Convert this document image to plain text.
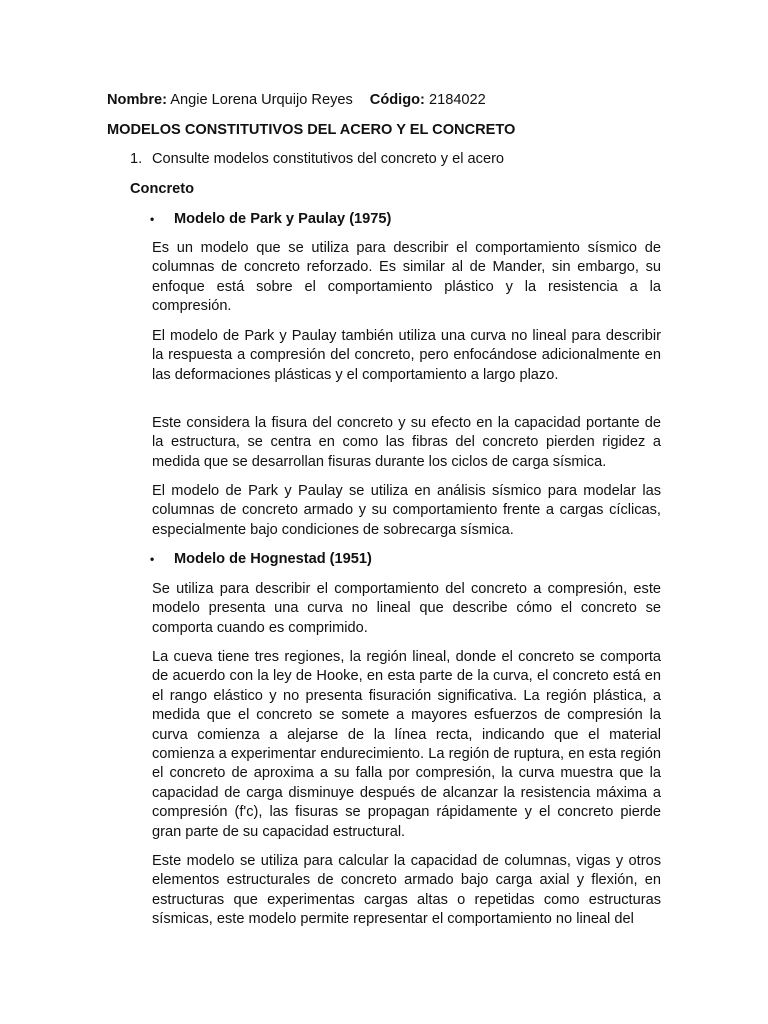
Nombre: Angie Lorena Urquijo Reyes Código: 2184022
MODELOS CONSTITUTIVOS DEL ACERO Y EL CONCRETO
1. Consulte modelos constitutivos del concreto y el acero
Concreto
• Modelo de Park y Paulay (1975)

Es un modelo que se utiliza para describir el comportamiento sísmico de columnas de concreto reforzado. Es similar al de Mander, sin embargo, su enfoque está sobre el comportamiento plástico y la resistencia a la compresión.

El modelo de Park y Paulay también utiliza una curva no lineal para describir la respuesta a compresión del concreto, pero enfocándose adicionalmente en las deformaciones plásticas y el comportamiento a largo plazo.

Este considera la fisura del concreto y su efecto en la capacidad portante de la estructura, se centra en como las fibras del concreto pierden rigidez a medida que se desarrollan fisuras durante los ciclos de carga sísmica.

El modelo de Park y Paulay se utiliza en análisis sísmico para modelar las columnas de concreto armado y su comportamiento frente a cargas cíclicas, especialmente bajo condiciones de sobrecarga sísmica.

• Modelo de Hognestad (1951)

Se utiliza para describir el comportamiento del concreto a compresión, este modelo presenta una curva no lineal que describe cómo el concreto se comporta cuando es comprimido.

La cueva tiene tres regiones, la región lineal, donde el concreto se comporta de acuerdo con la ley de Hooke, en esta parte de la curva, el concreto está en el rango elástico y no presenta fisuración significativa. La región plástica, a medida que el concreto se somete a mayores esfuerzos de compresión la curva comienza a alejarse de la línea recta, indicando que el material comienza a experimentar endurecimiento. La región de ruptura, en esta región el concreto de aproxima a su falla por compresión, la curva muestra que la capacidad de carga disminuye después de alcanzar la resistencia máxima a compresión (f'c), las fisuras se propagan rápidamente y el concreto pierde gran parte de su capacidad estructural.

Este modelo se utiliza para calcular la capacidad de columnas, vigas y otros elementos estructurales de concreto armado bajo carga axial y flexión, en estructuras que experimentas cargas altas o repetidas como estructuras sísmicas, este modelo permite representar el comportamiento no lineal del
